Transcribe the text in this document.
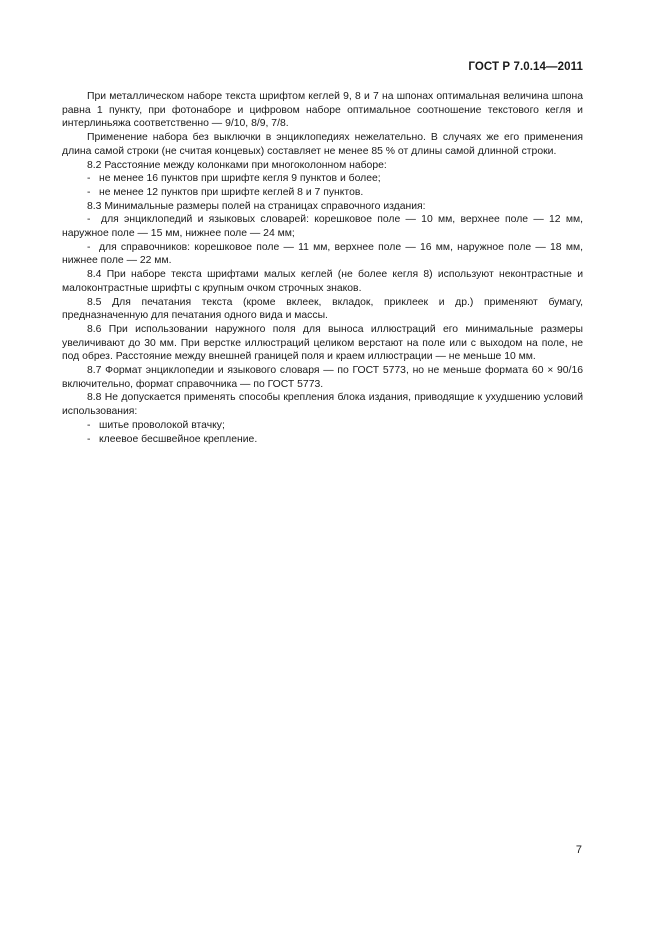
ГОСТ Р 7.0.14—2011

При металлическом наборе текста шрифтом кеглей 9, 8 и 7 на шпонах оптимальная величина шпона равна 1 пункту, при фотонаборе и цифровом наборе оптимальное соотношение текстового кегля и интерлиньяжа соответственно — 9/10, 8/9, 7/8.

Применение набора без выключки в энциклопедиях нежелательно. В случаях же его применения длина самой строки (не считая концевых) составляет не менее 85 % от длины самой длинной строки.

8.2 Расстояние между колонками при многоколонном наборе:

- не менее 16 пунктов при шрифте кегля 9 пунктов и более;

- не менее 12 пунктов при шрифте кеглей 8 и 7 пунктов.

8.3 Минимальные размеры полей на страницах справочного издания:

- для энциклопедий и языковых словарей: корешковое поле — 10 мм, верхнее поле — 12 мм, наружное поле — 15 мм, нижнее поле — 24 мм;

- для справочников: корешковое поле — 11 мм, верхнее поле — 16 мм, наружное поле — 18 мм, нижнее поле — 22 мм.

8.4 При наборе текста шрифтами малых кеглей (не более кегля 8) используют неконтрастные и малоконтрастные шрифты с крупным очком строчных знаков.

8.5 Для печатания текста (кроме вклеек, вкладок, приклеек и др.) применяют бумагу, предназначенную для печатания одного вида и массы.

8.6 При использовании наружного поля для выноса иллюстраций его минимальные размеры увеличивают до 30 мм. При верстке иллюстраций целиком верстают на поле или с выходом на поле, не под обрез. Расстояние между внешней границей поля и краем иллюстрации — не меньше 10 мм.

8.7 Формат энциклопедии и языкового словаря — по ГОСТ 5773, но не меньше формата 60 × 90/16 включительно, формат справочника — по ГОСТ 5773.

8.8 Не допускается применять способы крепления блока издания, приводящие к ухудшению условий использования:

- шитье проволокой втачку;

- клеевое бесшвейное крепление.

7
